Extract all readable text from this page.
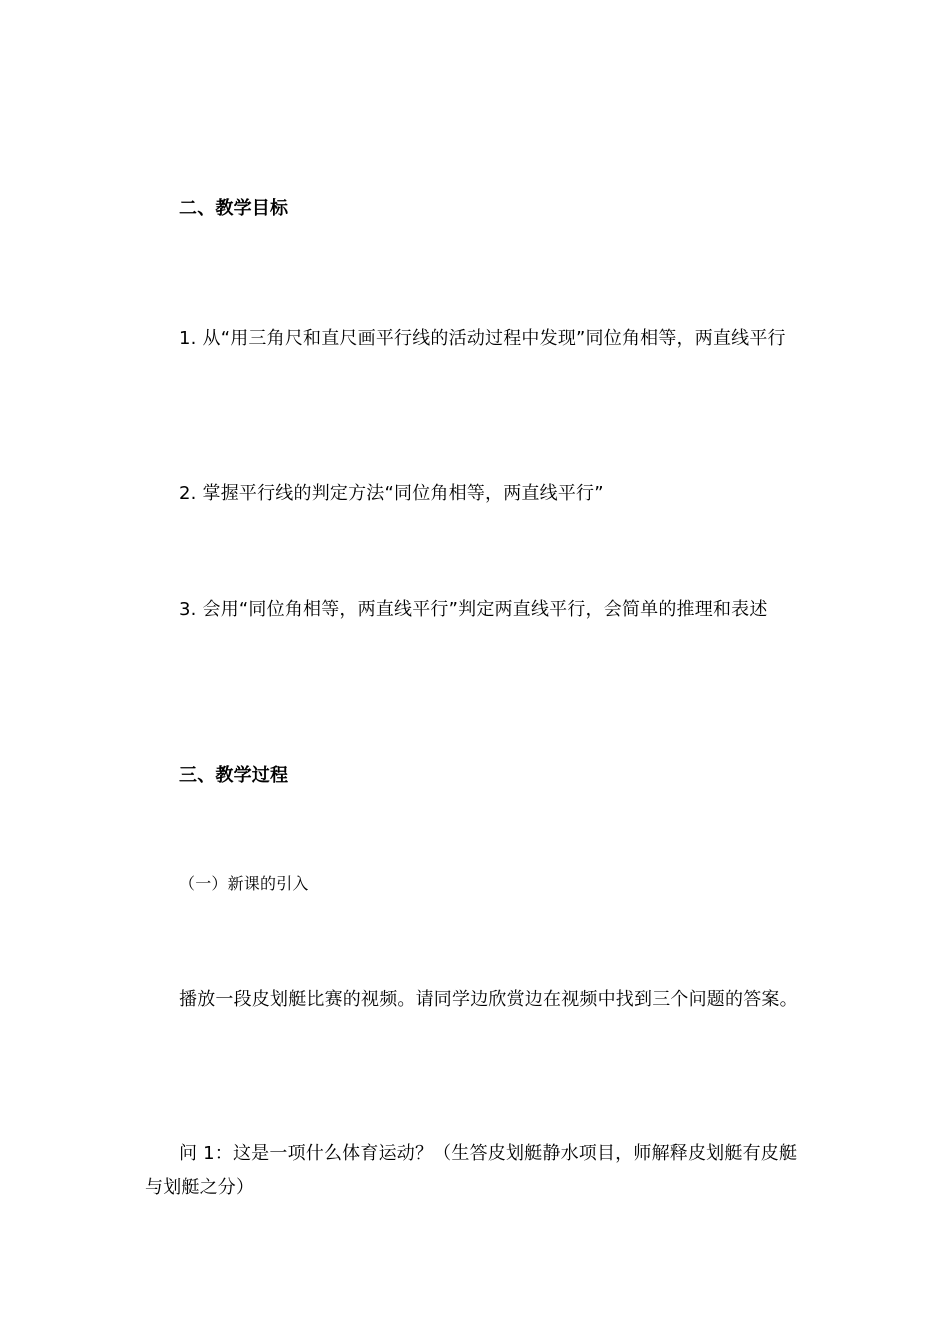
二、教学目标

1. 从“用三角尺和直尺画平行线的活动过程中发现”同位角相等，两直线平行

2. 掌握平行线的判定方法“同位角相等，两直线平行”

3. 会用“同位角相等，两直线平行”判定两直线平行，会简单的推理和表述

三、教学过程

（一）新课的引入

播放一段皮划艇比赛的视频。请同学边欣赏边在视频中找到三个问题的答案。

问 1：这是一项什么体育运动？（生答皮划艇静水项目，师解释皮划艇有皮艇与划艇之分）
